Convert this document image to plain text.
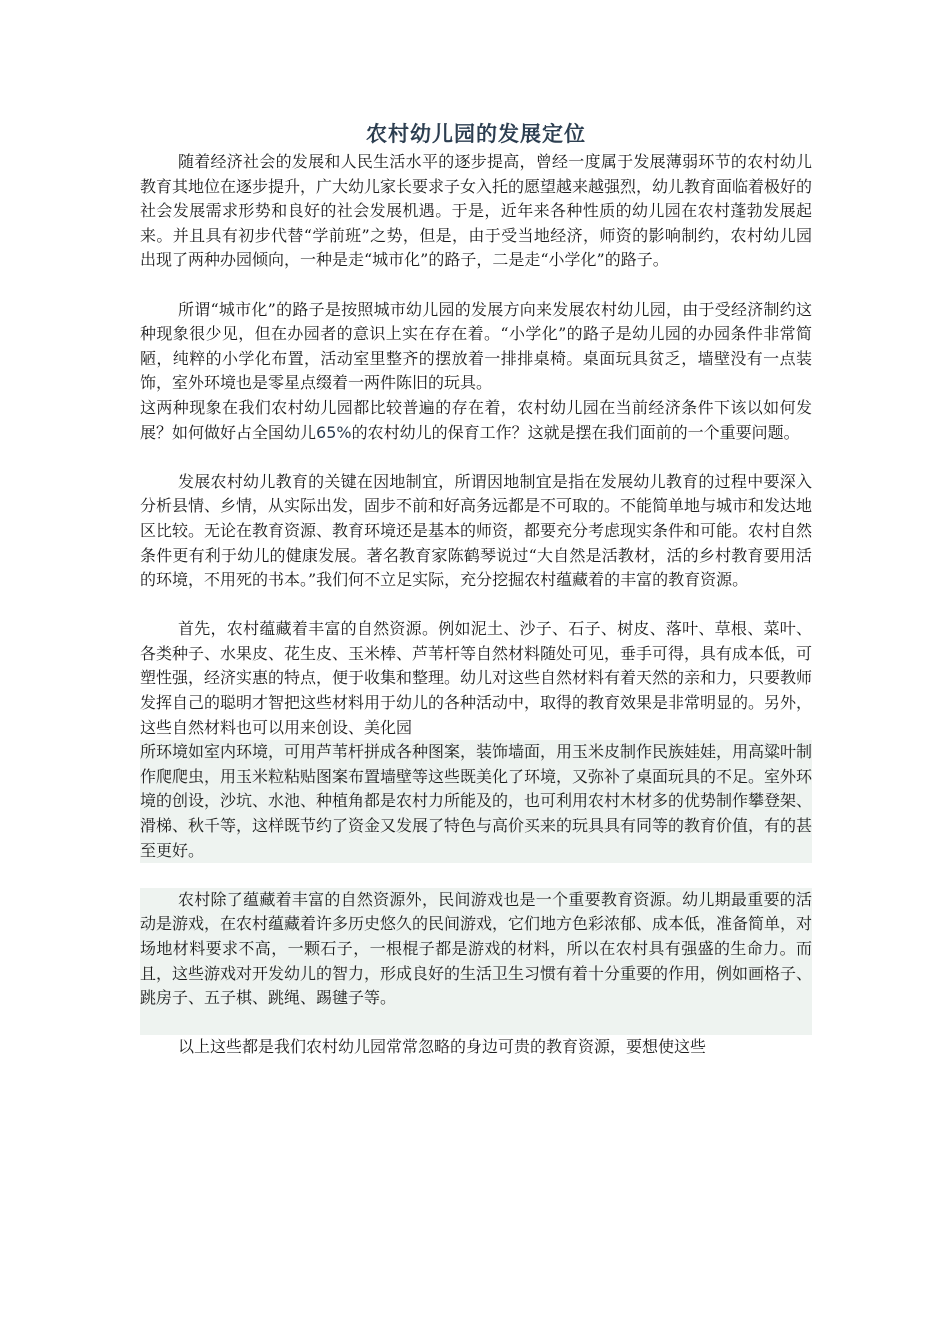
农村幼儿园的发展定位

随着经济社会的发展和人民生活水平的逐步提高，曾经一度属于发展薄弱环节的农村幼儿教育其地位在逐步提升，广大幼儿家长要求子女入托的愿望越来越强烈，幼儿教育面临着极好的社会发展需求形势和良好的社会发展机遇。于是，近年来各种性质的幼儿园在农村蓬勃发展起来。并且具有初步代替“学前班”之势，但是，由于受当地经济，师资的影响制约，农村幼儿园出现了两种办园倾向，一种是走“城市化”的路子，二是走“小学化”的路子。

所谓“城市化”的路子是按照城市幼儿园的发展方向来发展农村幼儿园，由于受经济制约这种现象很少见，但在办园者的意识上实在存在着。“小学化”的路子是幼儿园的办园条件非常简陋，纯粹的小学化布置，活动室里整齐的摆放着一排排桌椅。桌面玩具贫乏，墙壁没有一点装饰，室外环境也是零星点缀着一两件陈旧的玩具。

这两种现象在我们农村幼儿园都比较普遍的存在着，农村幼儿园在当前经济条件下该以如何发展？如何做好占全国幼儿65%的农村幼儿的保育工作？这就是摆在我们面前的一个重要问题。

发展农村幼儿教育的关键在因地制宜，所谓因地制宜是指在发展幼儿教育的过程中要深入分析县情、乡情，从实际出发，固步不前和好高务远都是不可取的。不能简单地与城市和发达地区比较。无论在教育资源、教育环境还是基本的师资，都要充分考虑现实条件和可能。农村自然条件更有利于幼儿的健康发展。著名教育家陈鹤琴说过“大自然是活教材，活的乡村教育要用活的环境，不用死的书本。”我们何不立足实际，充分挖掘农村蕴藏着的丰富的教育资源。

首先，农村蕴藏着丰富的自然资源。例如泥土、沙子、石子、树皮、落叶、草根、菜叶、各类种子、水果皮、花生皮、玉米棒、芦苇杆等自然材料随处可见，垂手可得，具有成本低，可塑性强，经济实惠的特点，便于收集和整理。幼儿对这些自然材料有着天然的亲和力，只要教师发挥自己的聪明才智把这些材料用于幼儿的各种活动中，取得的教育效果是非常明显的。另外，这些自然材料也可以用来创设、美化园

所环境如室内环境，可用芦苇杆拼成各种图案，装饰墙面，用玉米皮制作民族娃娃，用高粱叶制作爬爬虫，用玉米粒粘贴图案布置墙壁等这些既美化了环境，又弥补了桌面玩具的不足。室外环境的创设，沙坑、水池、种植角都是农村力所能及的，也可利用农村木材多的优势制作攀登架、滑梯、秋千等，这样既节约了资金又发展了特色与高价买来的玩具具有同等的教育价值，有的甚至更好。

农村除了蕴藏着丰富的自然资源外，民间游戏也是一个重要教育资源。幼儿期最重要的活动是游戏，在农村蕴藏着许多历史悠久的民间游戏，它们地方色彩浓郁、成本低，准备简单，对场地材料要求不高，一颗石子，一根棍子都是游戏的材料，所以在农村具有强盛的生命力。而且，这些游戏对开发幼儿的智力，形成良好的生活卫生习惯有着十分重要的作用，例如画格子、跳房子、五子棋、跳绳、踢毽子等。

以上这些都是我们农村幼儿园常常忽略的身边可贵的教育资源，要想使这些
